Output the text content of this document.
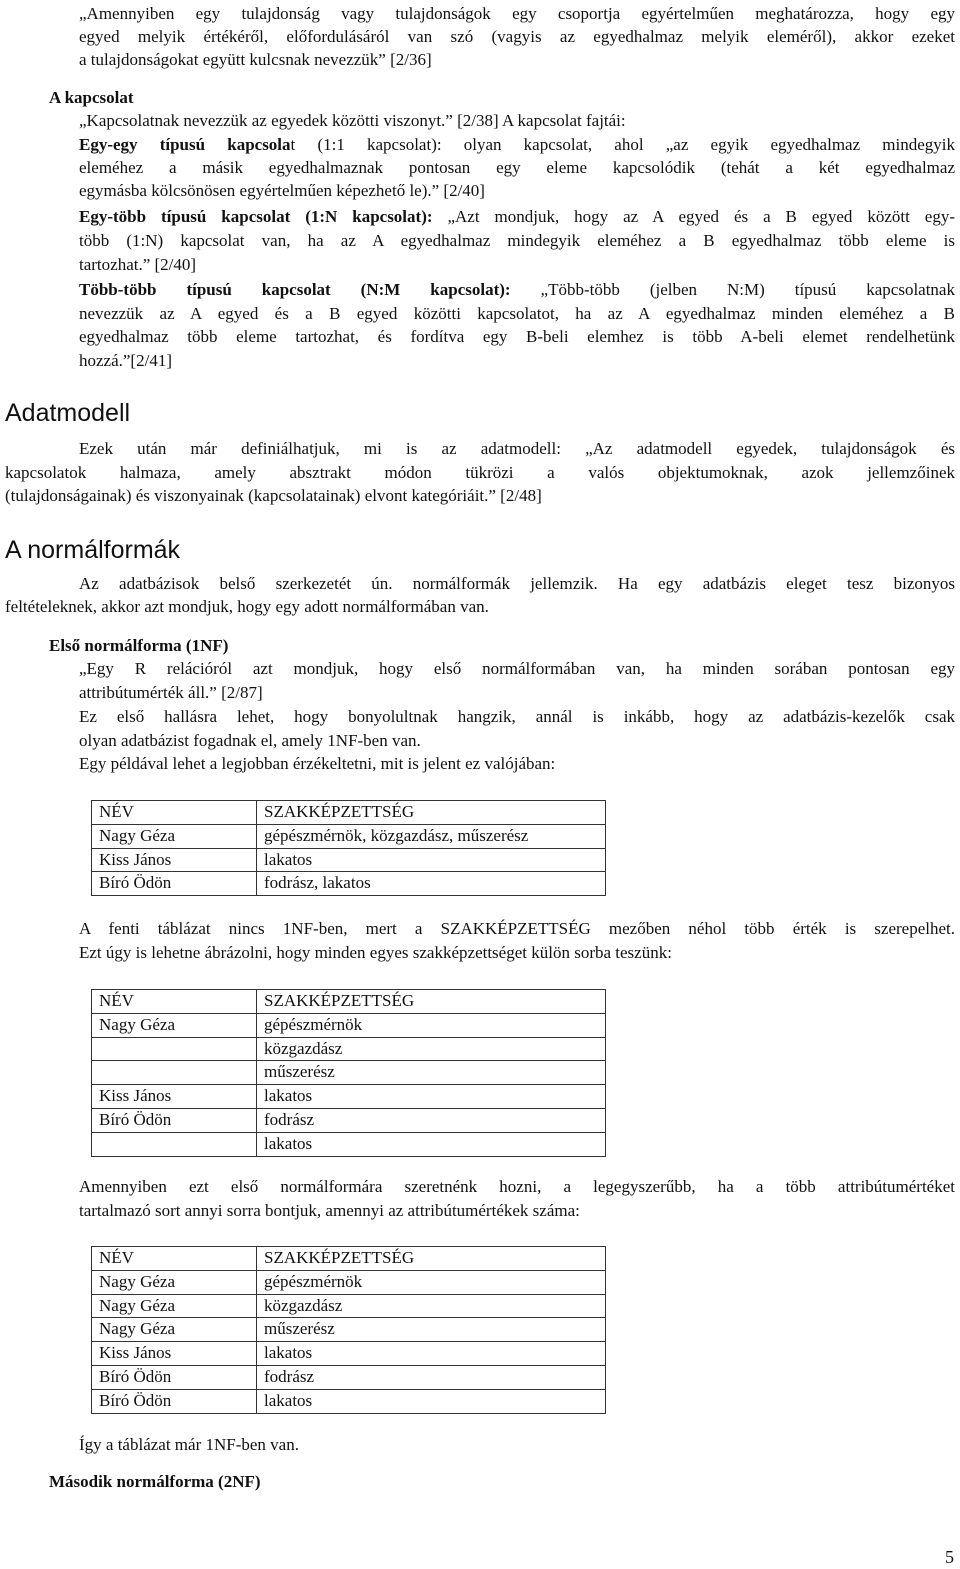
„Amennyiben egy tulajdonság vagy tulajdonságok egy csoportja egyértelműen meghatározza, hogy egy
egyed melyik értékéről, előfordulásáról van szó (vagyis az egyedhalmaz melyik eleméről), akkor ezeket
a tulajdonságokat együtt kulcsnak nevezzük” [2/36]
A kapcsolat
„Kapcsolatnak nevezzük az egyedek közötti viszonyt.” [2/38] A kapcsolat fajtái:
Egy-egy típusú kapcsolat (1:1 kapcsolat): olyan kapcsolat, ahol „az egyik egyedhalmaz mindegyik
eleméhez a másik egyedhalmaznak pontosan egy eleme kapcsolódik (tehát a két egyedhalmaz
egymásba kölcsönösen egyértelműen képezhető le).” [2/40]
Egy-több típusú kapcsolat (1:N kapcsolat): „Azt mondjuk, hogy az A egyed és a B egyed között egy-
több (1:N) kapcsolat van, ha az A egyedhalmaz mindegyik eleméhez a B egyedhalmaz több eleme is
tartozhat.” [2/40]
Több-több típusú kapcsolat (N:M kapcsolat): „Több-több (jelben N:M) típusú kapcsolatnak
nevezzük az A egyed és a B egyed közötti kapcsolatot, ha az A egyedhalmaz minden eleméhez a B
egyedhalmaz több eleme tartozhat, és fordítva egy B-beli elemhez is több A-beli elemet rendelhetünk
hozzá.”[2/41]
Adatmodell
Ezek után már definiálhatjuk, mi is az adatmodell: „Az adatmodell egyedek, tulajdonságok és
kapcsolatok halmaza, amely absztrakt módon tükrözi a valós objektumoknak, azok jellemzőinek
(tulajdonságainak) és viszonyainak (kapcsolatainak) elvont kategóriáit.” [2/48]
A normálformák
Az adatbázisok belső szerkezetét ún. normálformák jellemzik. Ha egy adatbázis eleget tesz bizonyos
feltételeknek, akkor azt mondjuk, hogy egy adott normálformában van.
Első normálforma (1NF)
„Egy R relációról azt mondjuk, hogy első normálformában van, ha minden sorában pontosan egy
attribútumérték áll.” [2/87]
Ez első hallásra lehet, hogy bonyolultnak hangzik, annál is inkább, hogy az adatbázis-kezelők csak
olyan adatbázist fogadnak el, amely 1NF-ben van.
Egy példával lehet a legjobban érzékeltetni, mit is jelent ez valójában:
NÉV	SZAKKÉPZETTSÉG
Nagy Géza	gépészmérnök, közgazdász, műszerész
Kiss János	lakatos
Bíró Ödön	fodrász, lakatos
A fenti táblázat nincs 1NF-ben, mert a SZAKKÉPZETTSÉG mezőben néhol több érték is szerepelhet.
Ezt úgy is lehetne ábrázolni, hogy minden egyes szakképzettséget külön sorba teszünk:
NÉV	SZAKKÉPZETTSÉG
Nagy Géza	gépészmérnök
	közgazdász
	műszerész
Kiss János	lakatos
Bíró Ödön	fodrász
	lakatos
Amennyiben ezt első normálformára szeretnénk hozni, a legegyszerűbb, ha a több attribútumértéket
tartalmazó sort annyi sorra bontjuk, amennyi az attribútumértékek száma:
NÉV	SZAKKÉPZETTSÉG
Nagy Géza	gépészmérnök
Nagy Géza	közgazdász
Nagy Géza	műszerész
Kiss János	lakatos
Bíró Ödön	fodrász
Bíró Ödön	lakatos
Így a táblázat már 1NF-ben van.
Második normálforma (2NF)
5
